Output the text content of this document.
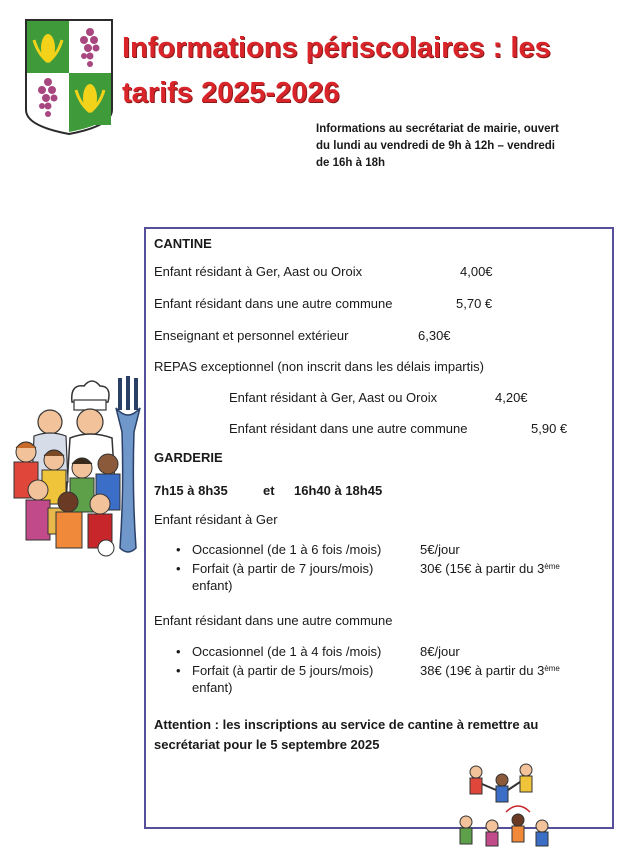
Informations périscolaires : les
tarifs 2025-2026
Informations au secrétariat de mairie, ouvert
du lundi au vendredi de 9h à 12h – vendredi
de 16h à 18h
CANTINE
Enfant résidant à Ger, Aast ou Oroix	4,00€
Enfant résidant dans une autre commune	5,70 €
Enseignant et personnel extérieur	6,30€
REPAS exceptionnel (non inscrit dans les délais impartis)
Enfant résidant à Ger, Aast ou Oroix	4,20€
Enfant résidant dans une autre commune	5,90 €
GARDERIE
7h15 à 8h35	et 16h40 à 18h45
Enfant résidant à Ger
• Occasionnel (de 1 à 6 fois /mois)	5€/jour
• Forfait (à partir de 7 jours/mois)	30€ (15€ à partir du 3ème
enfant)
Enfant résidant dans une autre commune
• Occasionnel (de 1 à 4 fois /mois)	8€/jour
• Forfait (à partir de 5 jours/mois)	38€ (19€ à partir du 3ème
enfant)
Attention : les inscriptions au service de cantine à remettre au
secrétariat pour le 5 septembre 2025
